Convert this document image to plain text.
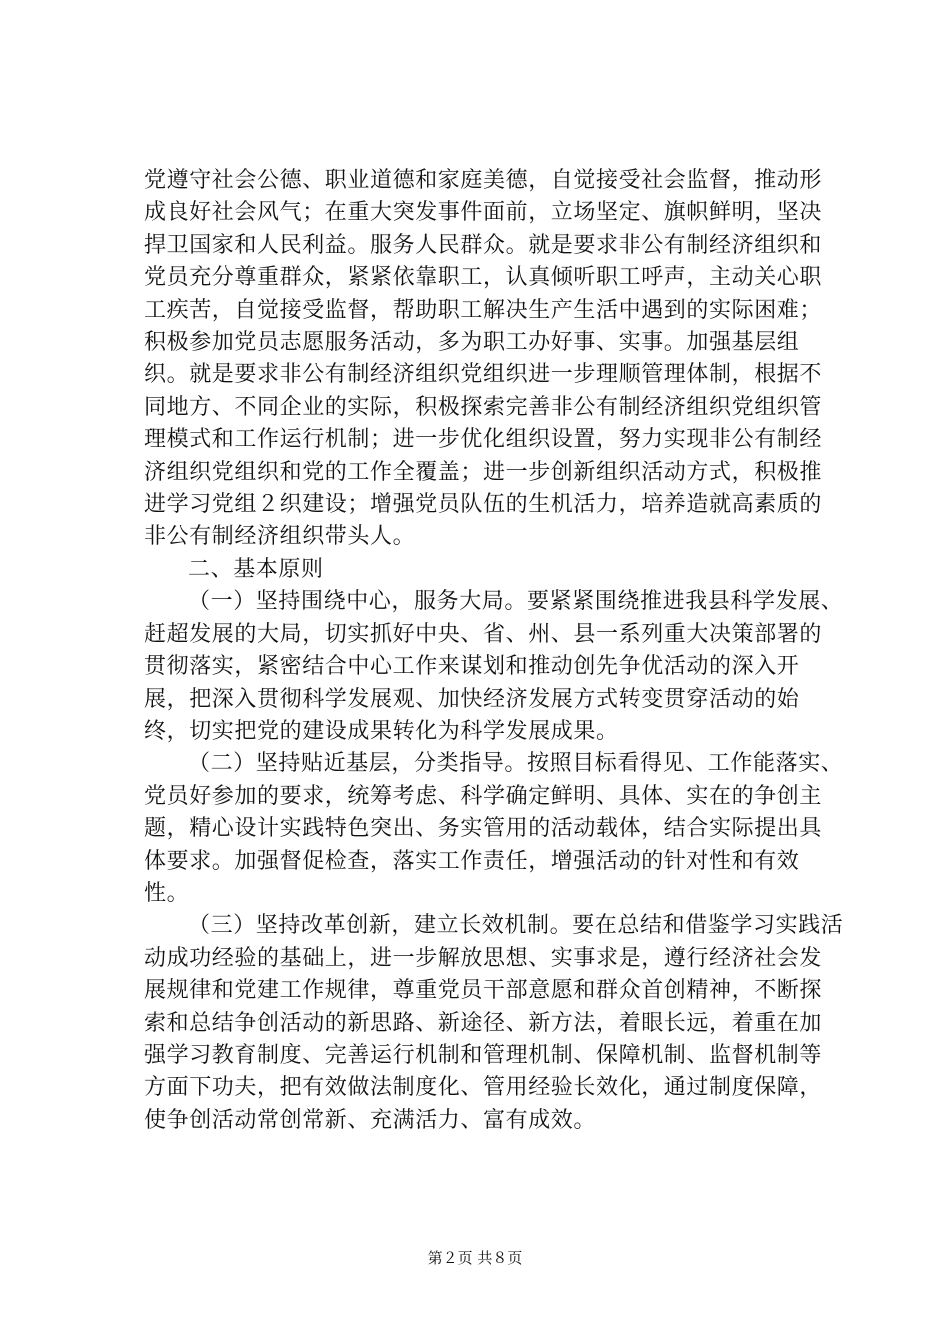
党遵守社会公德、职业道德和家庭美德，自觉接受社会监督，推动形成良好社会风气；在重大突发事件面前，立场坚定、旗帜鲜明，坚决捍卫国家和人民利益。服务人民群众。就是要求非公有制经济组织和党员充分尊重群众，紧紧依靠职工，认真倾听职工呼声，主动关心职工疾苦，自觉接受监督，帮助职工解决生产生活中遇到的实际困难；积极参加党员志愿服务活动，多为职工办好事、实事。加强基层组织。就是要求非公有制经济组织党组织进一步理顺管理体制，根据不同地方、不同企业的实际，积极探索完善非公有制经济组织党组织管理模式和工作运行机制；进一步优化组织设置，努力实现非公有制经济组织党组织和党的工作全覆盖；进一步创新组织活动方式，积极推进学习党组２织建设；增强党员队伍的生机活力，培养造就高素质的非公有制经济组织带头人。

二、基本原则

（一）坚持围绕中心，服务大局。要紧紧围绕推进我县科学发展、赶超发展的大局，切实抓好中央、省、州、县一系列重大决策部署的贯彻落实，紧密结合中心工作来谋划和推动创先争优活动的深入开展，把深入贯彻科学发展观、加快经济发展方式转变贯穿活动的始终，切实把党的建设成果转化为科学发展成果。

（二）坚持贴近基层，分类指导。按照目标看得见、工作能落实、党员好参加的要求，统筹考虑、科学确定鲜明、具体、实在的争创主题，精心设计实践特色突出、务实管用的活动载体，结合实际提出具体要求。加强督促检查，落实工作责任，增强活动的针对性和有效性。

（三）坚持改革创新，建立长效机制。要在总结和借鉴学习实践活动成功经验的基础上，进一步解放思想、实事求是，遵行经济社会发展规律和党建工作规律，尊重党员干部意愿和群众首创精神，不断探索和总结争创活动的新思路、新途径、新方法，着眼长远，着重在加强学习教育制度、完善运行机制和管理机制、保障机制、监督机制等方面下功夫，把有效做法制度化、管用经验长效化，通过制度保障，使争创活动常创常新、充满活力、富有成效。

第２页 共８页
